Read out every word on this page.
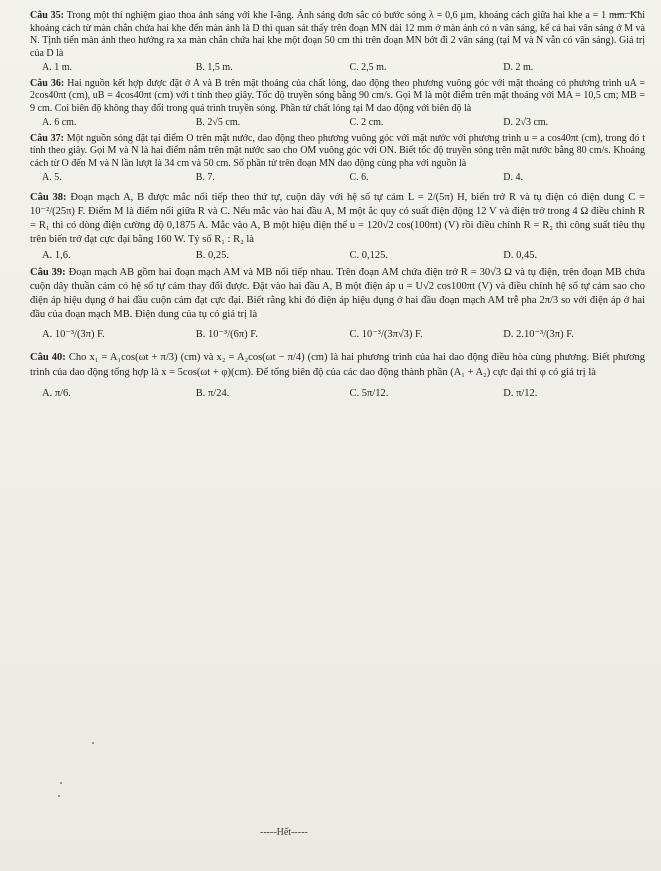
Câu 35: Trong một thí nghiệm giao thoa ánh sáng với khe I-âng. Ánh sáng đơn sắc có bước sóng λ = 0,6 μm, khoảng cách giữa hai khe a = 1 mm. Khi khoảng cách từ màn chắn chứa hai khe đến màn ảnh là D thì quan sát thấy trên đoạn MN dài 12 mm ở màn ảnh có n vân sáng, kể cả hai vân sáng ở M và N. Tịnh tiến màn ảnh theo hướng ra xa màn chắn chứa hai khe một đoạn 50 cm thì trên đoạn MN bớt đi 2 vân sáng (tại M và N vẫn có vân sáng). Giá trị của D là

A. 1 m.	B. 1,5 m.	C. 2,5 m.	D. 2 m.

Câu 36: Hai nguồn kết hợp được đặt ở A và B trên mặt thoáng của chất lỏng, dao động theo phương vuông góc với mặt thoáng có phương trình uA = 2cos40πt (cm), uB = 4cos40πt (cm) với t tính theo giây. Tốc độ truyền sóng bằng 90 cm/s. Gọi M là một điểm trên mặt thoáng với MA = 10,5 cm; MB = 9 cm. Coi biên độ không thay đổi trong quá trình truyền sóng. Phần tử chất lỏng tại M dao động với biên độ là

A. 6 cm.	B. 2√5 cm.	C. 2 cm.	D. 2√3 cm.

Câu 37: Một nguồn sóng đặt tại điểm O trên mặt nước, dao động theo phương vuông góc với mặt nước với phương trình u = a cos40πt (cm), trong đó t tính theo giây. Gọi M và N là hai điểm nằm trên mặt nước sao cho OM vuông góc với ON. Biết tốc độ truyền sóng trên mặt nước bằng 80 cm/s. Khoảng cách từ O đến M và N lần lượt là 34 cm và 50 cm. Số phần tử trên đoạn MN dao động cùng pha với nguồn là

A. 5.	B. 7.	C. 6.	D. 4.

Câu 38: Đoạn mạch A, B được mắc nối tiếp theo thứ tự, cuộn dây với hệ số tự cảm L = 2/(5π) H, biến trở R và tụ điện có điện dung C = 10⁻²/(25π) F. Điểm M là điểm nối giữa R và C. Nếu mắc vào hai đầu A, M một ắc quy có suất điện động 12 V và điện trở trong 4 Ω điều chỉnh R = R₁ thì có dòng điện cường độ 0,1875 A. Mắc vào A, B một hiệu điện thế u = 120√2 cos(100πt) (V) rồi điều chỉnh R = R₂ thì công suất tiêu thụ trên biến trở đạt cực đại bằng 160 W. Tỷ số R₁ : R₂ là

A. 1,6.	B. 0,25.	C. 0,125.	D. 0,45.

Câu 39: Đoạn mạch AB gồm hai đoạn mạch AM và MB nối tiếp nhau. Trên đoạn AM chứa điện trở R = 30√3 Ω và tụ điện, trên đoạn MB chứa cuộn dây thuần cảm có hệ số tự cảm thay đổi được. Đặt vào hai đầu A, B một điện áp u = U√2 cos100πt (V) và điều chỉnh hệ số tự cảm sao cho điện áp hiệu dụng ở hai đầu cuộn cảm đạt cực đại. Biết rằng khi đó điện áp hiệu dụng ở hai đầu đoạn mạch AM trễ pha 2π/3 so với điện áp ở hai đầu của đoạn mạch MB. Điện dung của tụ có giá trị là

A. 10⁻³/(3π) F.	B. 10⁻³/(6π) F.	C. 10⁻³/(3π√3) F.	D. 2.10⁻³/(3π) F.

Câu 40: Cho x₁ = A₁cos(ωt + π/3) (cm) và x₂ = A₂cos(ωt − π/4) (cm) là hai phương trình của hai dao động điều hòa cùng phương. Biết phương trình của dao động tổng hợp là x = 5cos(ωt + φ)(cm). Để tổng biên độ của các dao động thành phần (A₁ + A₂) cực đại thì φ có giá trị là

A. π/6.	B. π/24.	C. 5π/12.	D. π/12.
-----Hết-----
